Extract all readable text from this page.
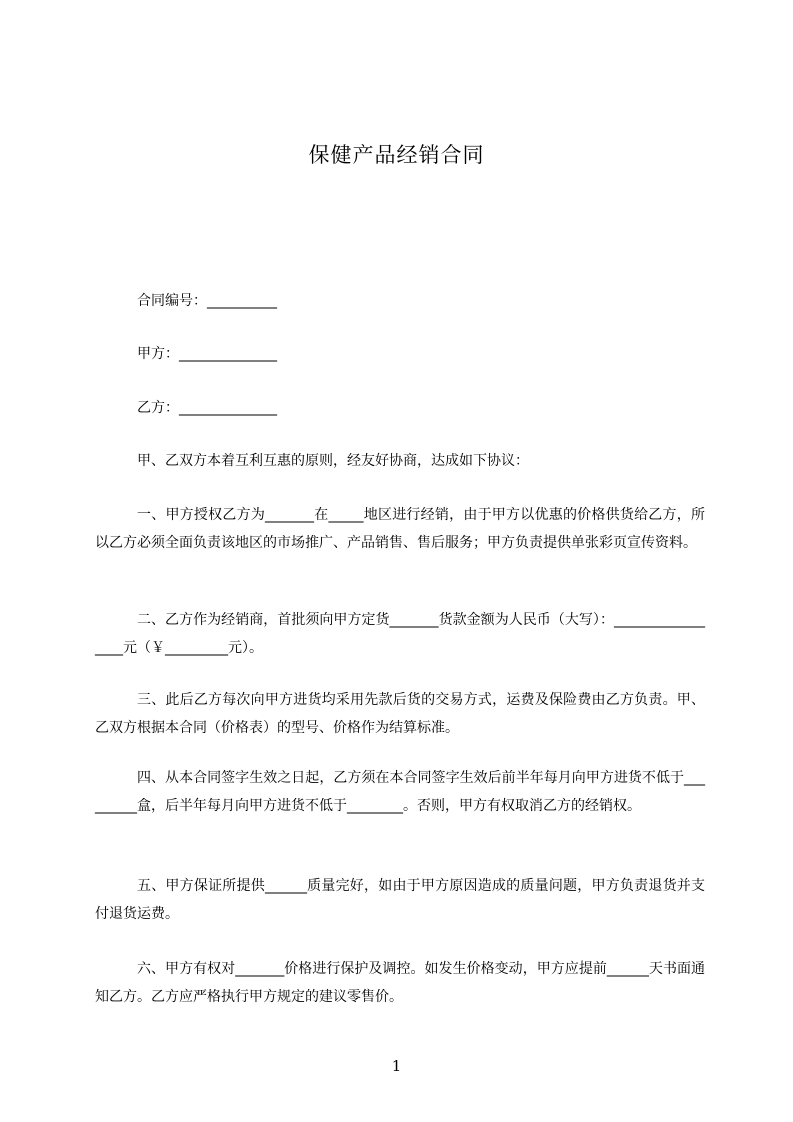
保健产品经销合同
合同编号：__________
甲方：______________
乙方：______________
甲、乙双方本着互利互惠的原则，经友好协商，达成如下协议：
一、甲方授权乙方为_______在_____地区进行经销，由于甲方以优惠的价格供货给乙方，所以乙方必须全面负责该地区的市场推广、产品销售、售后服务；甲方负责提供单张彩页宣传资料。
二、乙方作为经销商，首批须向甲方定货_______货款金额为人民币（大写）：_________________元（￥_________元）。
三、此后乙方每次向甲方进货均采用先款后货的交易方式，运费及保险费由乙方负责。甲、乙双方根据本合同（价格表）的型号、价格作为结算标准。
四、从本合同签字生效之日起，乙方须在本合同签字生效后前半年每月向甲方进货不低于_________盒，后半年每月向甲方进货不低于________。否则，甲方有权取消乙方的经销权。
五、甲方保证所提供______质量完好，如由于甲方原因造成的质量问题，甲方负责退货并支付退货运费。
六、甲方有权对_______价格进行保护及调控。如发生价格变动，甲方应提前______天书面通知乙方。乙方应严格执行甲方规定的建议零售价。
1
